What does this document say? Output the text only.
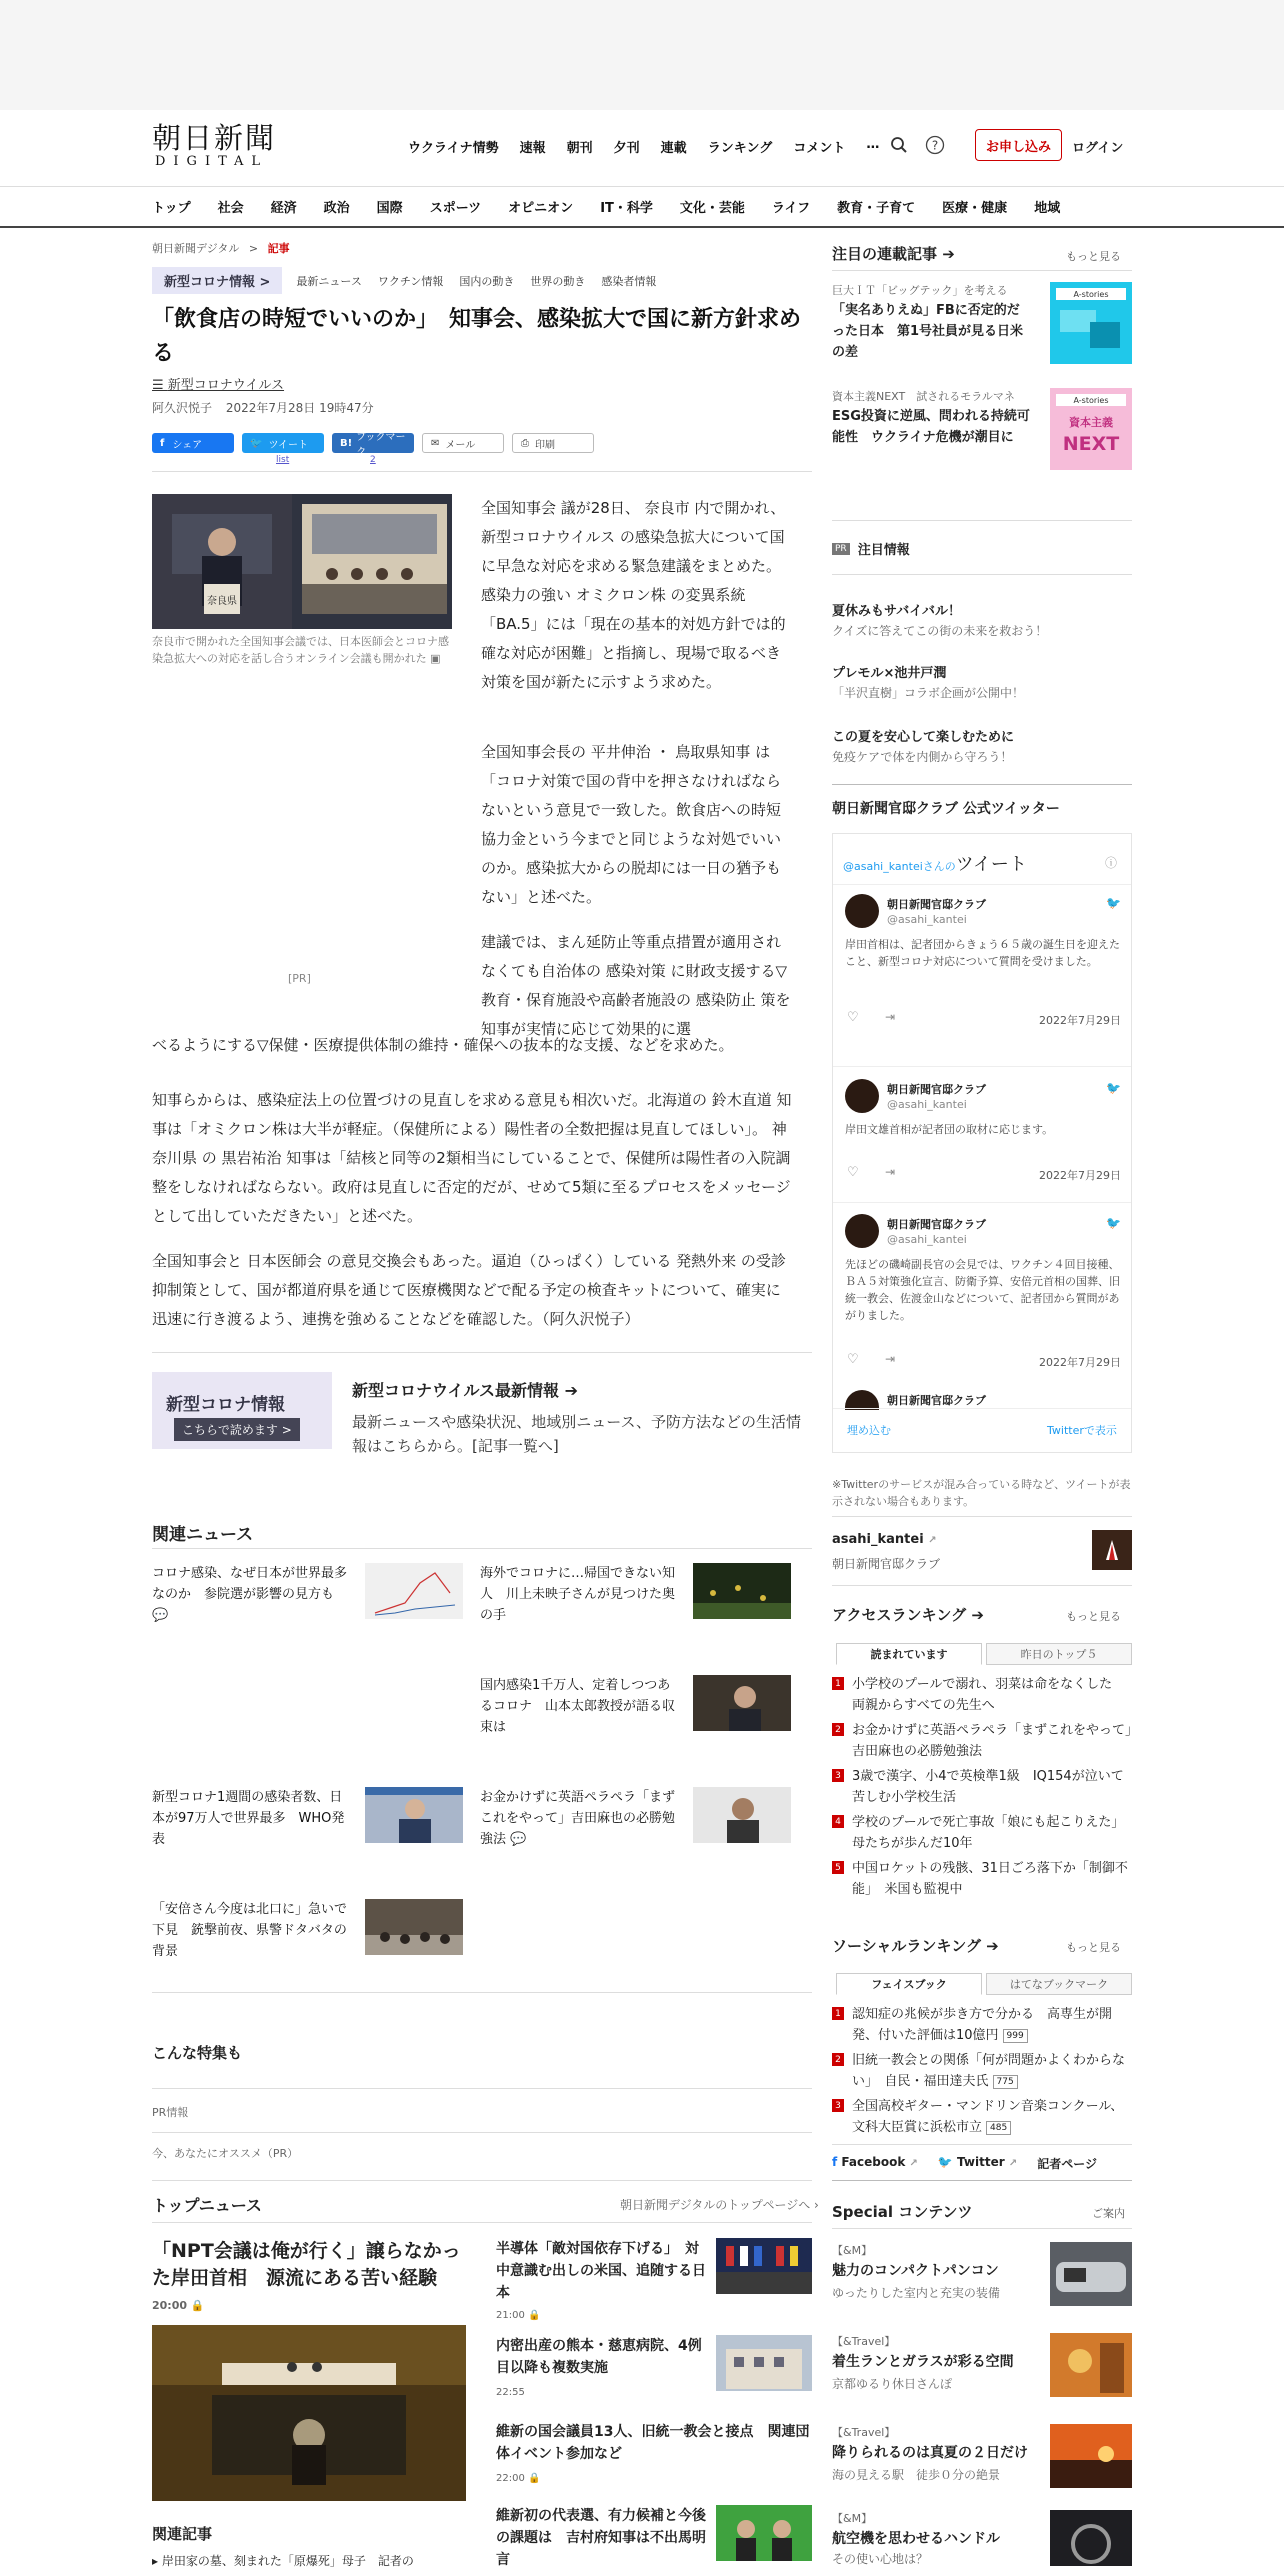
朝日新聞
DIGITAL
ウクライナ情勢 速報 朝刊 夕刊 連載 ランキング コメント …	?	お申し込み	ログイン
トップ 社会 経済 政治 国際 スポーツ オピニオン IT・科学 文化・芸能 ライフ 教育・子育て 医療・健康 地域
朝日新聞デジタル > 記事
新型コロナ情報 >	最新ニュース ワクチン情報 国内の動き 世界の動き 感染者情報
「飲食店の時短でいいのか」　知事会、感染拡大で国に新方針求める
☰ 新型コロナウイルス
阿久沢悦子 2022年7月28日 19時47分
f シェア	🐦 ツイート
list
B! ブックマーク
2
✉ メール	⎙ 印刷
奈良県
奈良市で開かれた全国知事会議では、日本医師会とコロナ感染急拡大への対応を話し合うオンライン会議も開かれた ▣
[PR]

全国知事会 議が28日、 奈良市 内で開かれ、 新型コロナウイルス の感染急拡大について国に早急な対応を求める緊急建議をまとめた。感染力の強い オミクロン株 の変異系統「BA.5」には「現在の基本的対処方針では的確な対応が困難」と指摘し、現場で取るべき対策を国が新たに示すよう求めた。

全国知事会長の 平井伸治 ・ 鳥取県知事 は「コロナ対策で国の背中を押さなければならないという意見で一致した。飲食店への時短協力金という今までと同じような対処でいいのか。感染拡大からの脱却には一日の猶予もない」と述べた。

建議では、まん延防止等重点措置が適用されなくても自治体の 感染対策 に財政支援する▽教育・保育施設や高齢者施設の 感染防止 策を知事が実情に応じて効果的に選

べるようにする▽保健・医療提供体制の維持・確保への抜本的な支援、などを求めた。

知事らからは、感染症法上の位置づけの見直しを求める意見も相次いだ。北海道の 鈴木直道 知事は「オミクロン株は大半が軽症。（保健所による）陽性者の全数把握は見直してほしい」。 神奈川県 の 黒岩祐治 知事は「結核と同等の2類相当にしていることで、保健所は陽性者の入院調整をしなければならない。政府は見直しに否定的だが、せめて5類に至るプロセスをメッセージとして出していただきたい」と述べた。

全国知事会と 日本医師会 の意見交換会もあった。逼迫（ひっぱく）している 発熱外来 の受診抑制策として、国が都道府県を通じて医療機関などで配る予定の検査キットについて、確実に迅速に行き渡るよう、連携を強めることなどを確認した。（阿久沢悦子）

新型コロナ情報
こちらで読めます >
新型コロナウイルス最新情報 ➔
最新ニュースや感染状況、地域別ニュース、予防方法などの生活情報はこちらから。[記事一覧へ]
関連ニュース
コロナ感染、なぜ日本が世界最多なのか　参院選が影響の見方も 💬
海外でコロナに…帰国できない知人　川上未映子さんが見つけた奥の手
国内感染1千万人、定着しつつあるコロナ　山本太郎教授が語る収束は
新型コロナ1週間の感染者数、日本が97万人で世界最多　WHO発表
お金かけずに英語ペラペラ「まずこれをやって」吉田麻也の必勝勉強法 💬
「安倍さん今度は北口に」急いで下見　銃撃前夜、県警ドタバタの背景
こんな特集も
PR情報
今、あなたにオススメ（PR）
トップニュース	朝日新聞デジタルのトップページへ ›
「NPT会議は俺が行く」譲らなかった岸田首相　源流にある苦い経験
20:00 🔒
関連記事
▸ 岸田家の墓、刻まれた「原爆死」母子　記者の
半導体「敵対国依存下げる」　対中意識む出しの米国、追随する日本
21:00 🔒
内密出産の熊本・慈恵病院、4例目以降も複数実施
22:55
維新の国会議員13人、旧統一教会と接点　関連団体イベント参加など
22:00 🔒
維新初の代表選、有力候補と今後の課題は　吉村府知事は不出馬明言
注目の連載記事 ➔	もっと見る
巨大ＩＴ「ビッグテック」を考える
「実名ありえぬ」FBに否定的だった日本　第1号社員が見る日米の差
A-stories
資本主義NEXT　試されるモラルマネ
ESG投資に逆風、問われる持続可能性　ウクライナ危機が潮目に
A-stories
資本主義
NEXT
PR 注目情報
夏休みもサバイバル！
クイズに答えてこの街の未来を救おう！
プレモル×池井戸潤
「半沢直樹」コラボ企画が公開中！
この夏を安心して楽しむために
免疫ケアで体を内側から守ろう！
朝日新聞官邸クラブ 公式ツイッター
@asahi_kanteiさんのツイート	ⓘ
朝日新聞官邸クラブ
@asahi_kantei
🐦
岸田首相は、記者団からきょう６５歳の誕生日を迎えたこと、新型コロナ対応について質問を受けました。
♡ ⇥	2022年7月29日
朝日新聞官邸クラブ
@asahi_kantei
🐦
岸田文雄首相が記者団の取材に応じます。
♡ ⇥	2022年7月29日
朝日新聞官邸クラブ
@asahi_kantei
🐦
先ほどの磯崎副長官の会見では、ワクチン４回目接種、ＢＡ５対策強化宣言、防衛予算、安倍元首相の国葬、旧統一教会、佐渡金山などについて、記者団から質問があがりました。
♡ ⇥	2022年7月29日
朝日新聞官邸クラブ
埋め込む	Twitterで表示
※Twitterのサービスが混み合っている時など、ツイートが表示されない場合もあります。
asahi_kantei ↗
朝日新聞官邸クラブ
アクセスランキング ➔	もっと見る
読まれています	昨日のトップ５
1 小学校のプールで溺れ、羽菜は命をなくした　両親からすべての先生へ
2 お金かけずに英語ペラペラ「まずこれをやって」吉田麻也の必勝勉強法
3 3歳で漢字、小4で英検準1級　IQ154が泣いて苦しむ小学校生活
4 学校のプールで死亡事故「娘にも起こりえた」母たちが歩んだ10年
5 中国ロケットの残骸、31日ごろ落下か「制御不能」　米国も監視中
ソーシャルランキング ➔	もっと見る
フェイスブック	はてなブックマーク
1 認知症の兆候が歩き方で分かる　高専生が開発、付いた評価は10億円 999
2 旧統一教会との関係「何が問題かよくわからない」　自民・福田達夫氏 775
3 全国高校ギター・マンドリン音楽コンクール、文科大臣賞に浜松市立 485
f Facebook ↗ 🐦 Twitter ↗ 記者ページ
Special コンテンツ	ご案内
【&M】
魅力のコンパクトパンコン
ゆったりした室内と充実の装備
【&Travel】
着生ランとガラスが彩る空間
京都ゆるり休日さんぽ
【&Travel】
降りられるのは真夏の２日だけ
海の見える駅　徒歩０分の絶景
【&M】
航空機を思わせるハンドル
その使い心地は？
